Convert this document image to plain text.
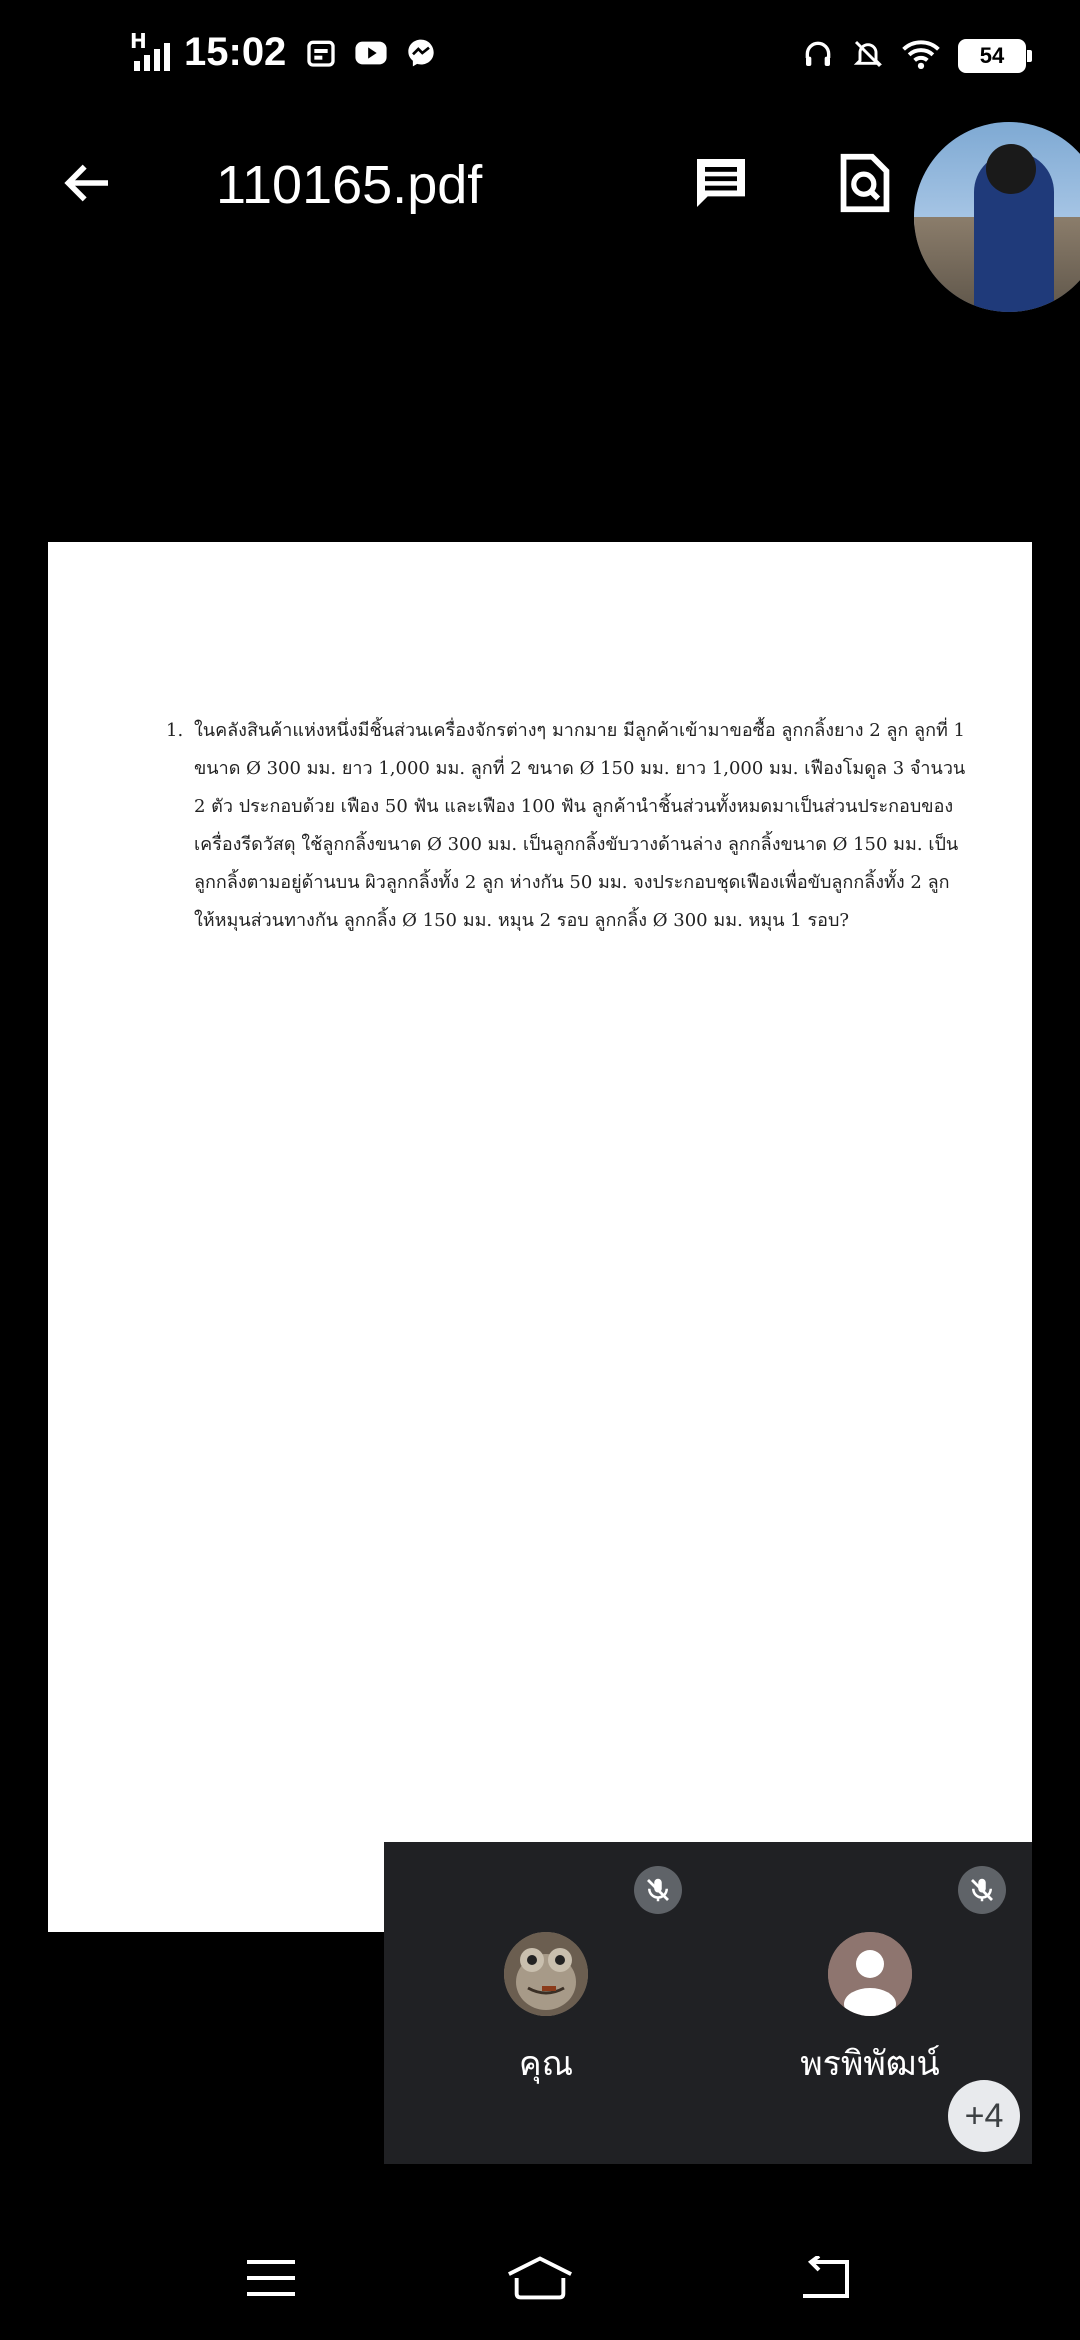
H 15:02	54
110165.pdf
1. ในคลังสินค้าแห่งหนึ่งมีชิ้นส่วนเครื่องจักรต่างๆ มากมาย มีลูกค้าเข้ามาขอซื้อ ลูกกลิ้งยาง 2 ลูก ลูกที่ 1 ขนาด Ø 300 มม. ยาว 1,000 มม. ลูกที่ 2 ขนาด Ø 150 มม. ยาว 1,000 มม. เฟืองโมดูล 3 จำนวน 2 ตัว ประกอบด้วย เฟือง 50 ฟัน และเฟือง 100 ฟัน ลูกค้านำชิ้นส่วนทั้งหมดมาเป็นส่วนประกอบของเครื่องรีดวัสดุ ใช้ลูกกลิ้งขนาด Ø 300 มม. เป็นลูกกลิ้งขับวางด้านล่าง ลูกกลิ้งขนาด Ø 150 มม. เป็นลูกกลิ้งตามอยู่ด้านบน ผิวลูกกลิ้งทั้ง 2 ลูก ห่างกัน 50 มม. จงประกอบชุดเฟืองเพื่อขับลูกกลิ้งทั้ง 2 ลูก ให้หมุนส่วนทางกัน ลูกกลิ้ง Ø 150 มม. หมุน 2 รอบ ลูกกลิ้ง Ø 300 มม. หมุน 1 รอบ?
คุณ	พรพิพัฒน์
+4
